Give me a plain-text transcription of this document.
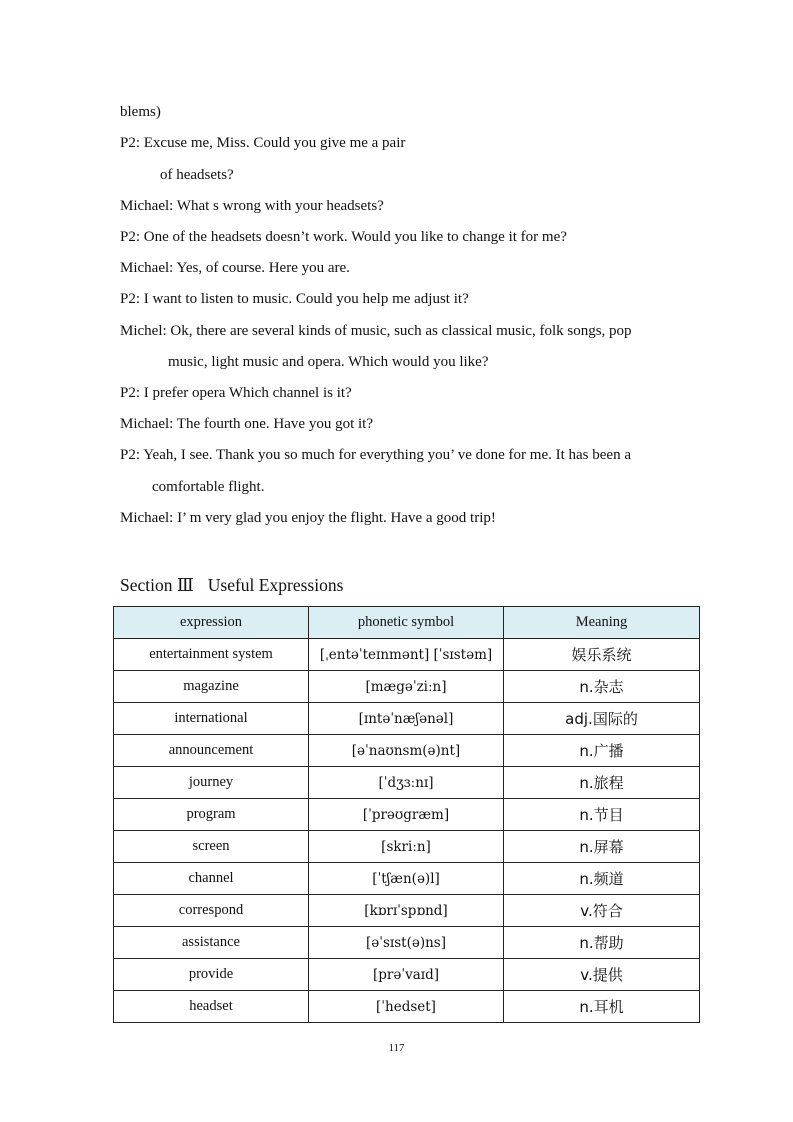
blems)
P2: Excuse me, Miss. Could you give me a pair
of headsets?
Michael: What s wrong with your headsets?
P2: One of the headsets doesn’t work. Would you like to change it for me?
Michael: Yes, of course. Here you are.
P2: I want to listen to music. Could you help me adjust it?
Michel: Ok, there are several kinds of music, such as classical music, folk songs, pop
music, light music and opera. Which would you like?
P2: I prefer opera Which channel is it?
Michael: The fourth one. Have you got it?
P2: Yeah, I see. Thank you so much for everything you’ ve done for me. It has been a
comfortable flight.
Michael: I’ m very glad you enjoy the flight. Have a good trip!
Section Ⅲ Useful Expressions
expression	phonetic symbol	Meaning
entertainment system	[ˌentəˈteɪnmənt] [ˈsɪstəm]	娱乐系统
magazine	[mægəˈziːn]	n.杂志
international	[ɪntəˈnæʃənəl]	adj.国际的
announcement	[əˈnaʊnsm(ə)nt]	n.广播
journey	[ˈdʒɜːnɪ]	n.旅程
program	[ˈprəʊgræm]	n.节目
screen	[skriːn]	n.屏幕
channel	[ˈtʃæn(ə)l]	n.频道
correspond	[kɒrɪˈspɒnd]	v.符合
assistance	[əˈsɪst(ə)ns]	n.帮助
provide	[prəˈvaɪd]	v.提供
headset	[ˈhedset]	n.耳机
117
